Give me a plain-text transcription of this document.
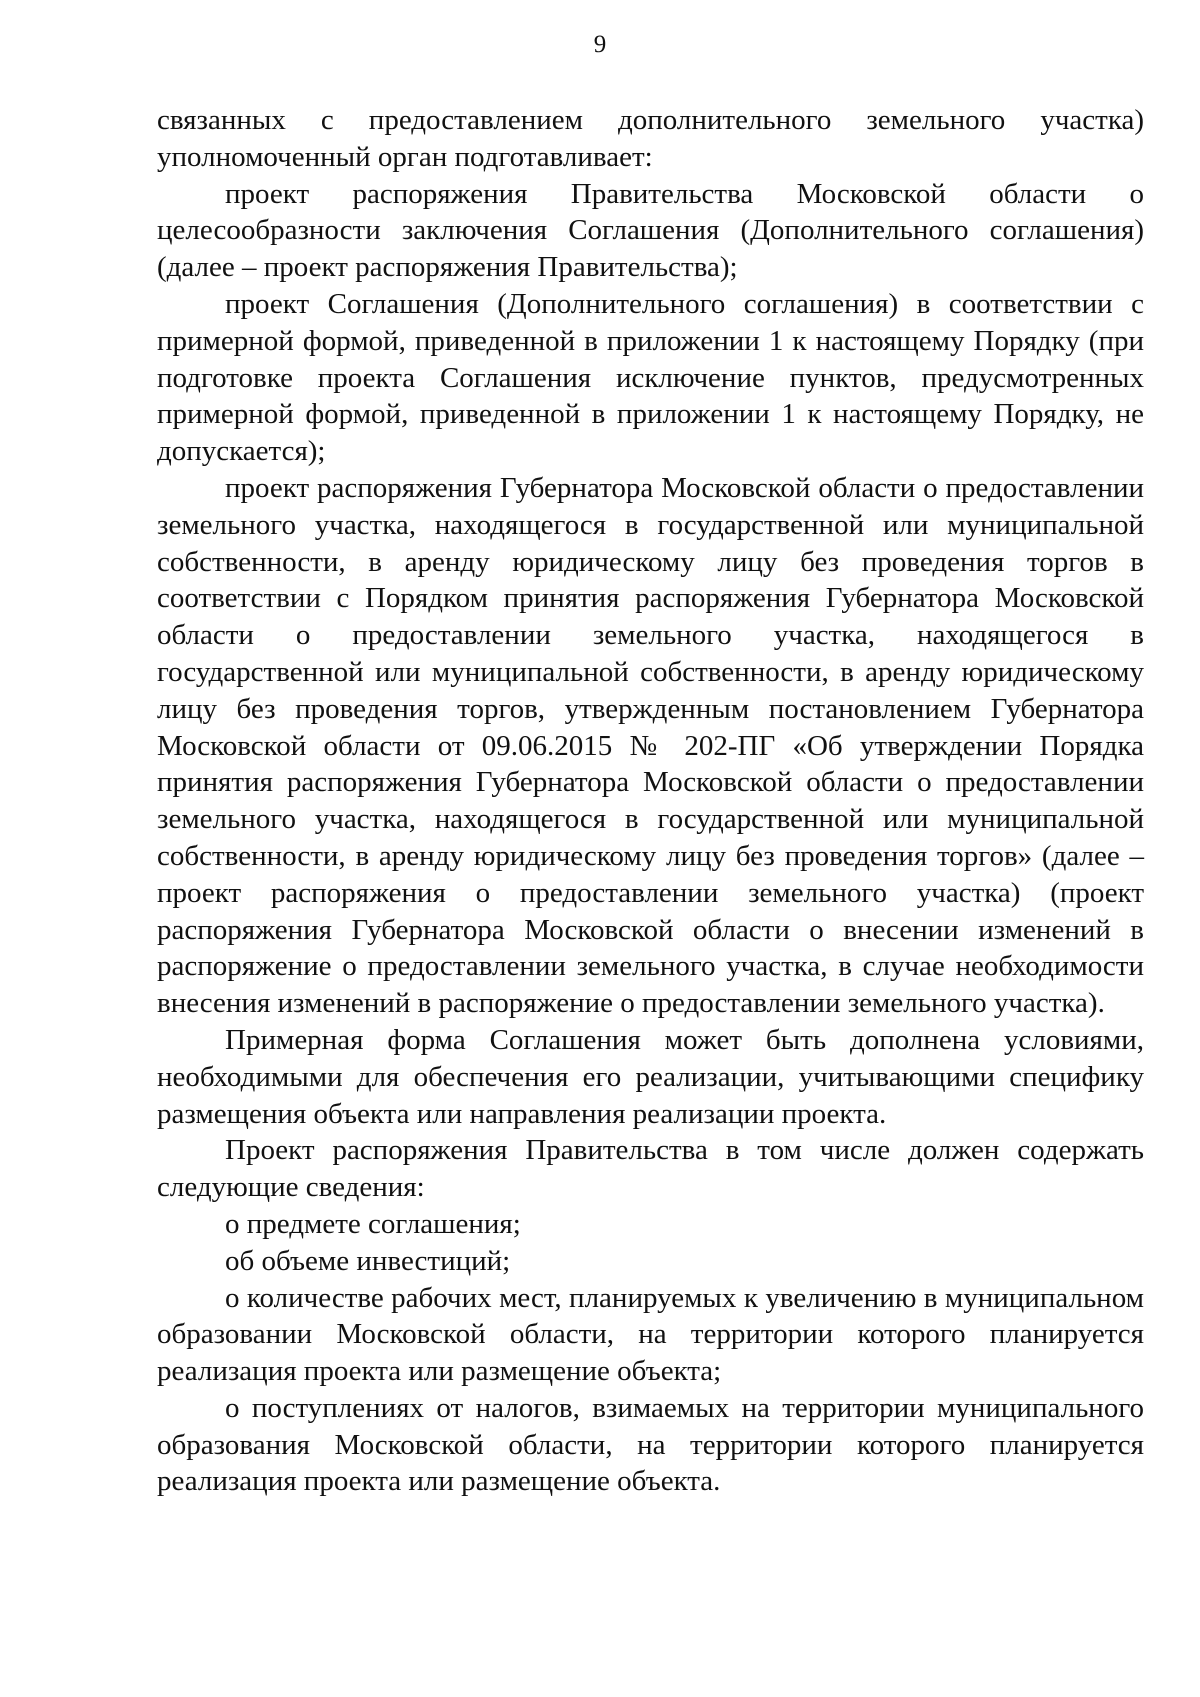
9

связанных с предоставлением дополнительного земельного участка) уполномоченный орган подготавливает:

проект распоряжения Правительства Московской области о целесообразности заключения Соглашения (Дополнительного соглашения) (далее – проект распоряжения Правительства);

проект Соглашения (Дополнительного соглашения) в соответствии с примерной формой, приведенной в приложении 1 к настоящему Порядку (при подготовке проекта Соглашения исключение пунктов, предусмотренных примерной формой, приведенной в приложении 1 к настоящему Порядку, не допускается);

проект распоряжения Губернатора Московской области о предоставлении земельного участка, находящегося в государственной или муниципальной собственности, в аренду юридическому лицу без проведения торгов в соответствии с Порядком принятия распоряжения Губернатора Московской области о предоставлении земельного участка, находящегося в государственной или муниципальной собственности, в аренду юридическому лицу без проведения торгов, утвержденным постановлением Губернатора Московской области от 09.06.2015 № 202-ПГ «Об утверждении Порядка принятия распоряжения Губернатора Московской области о предоставлении земельного участка, находящегося в государственной или муниципальной собственности, в аренду юридическому лицу без проведения торгов» (далее – проект распоряжения о предоставлении земельного участка) (проект распоряжения Губернатора Московской области о внесении изменений в распоряжение о предоставлении земельного участка, в случае необходимости внесения изменений в распоряжение о предоставлении земельного участка).

Примерная форма Соглашения может быть дополнена условиями, необходимыми для обеспечения его реализации, учитывающими специфику размещения объекта или направления реализации проекта.

Проект распоряжения Правительства в том числе должен содержать следующие сведения:

о предмете соглашения;

об объеме инвестиций;

о количестве рабочих мест, планируемых к увеличению в муниципальном образовании Московской области, на территории которого планируется реализация проекта или размещение объекта;

о поступлениях от налогов, взимаемых на территории муниципального образования Московской области, на территории которого планируется реализация проекта или размещение объекта.
